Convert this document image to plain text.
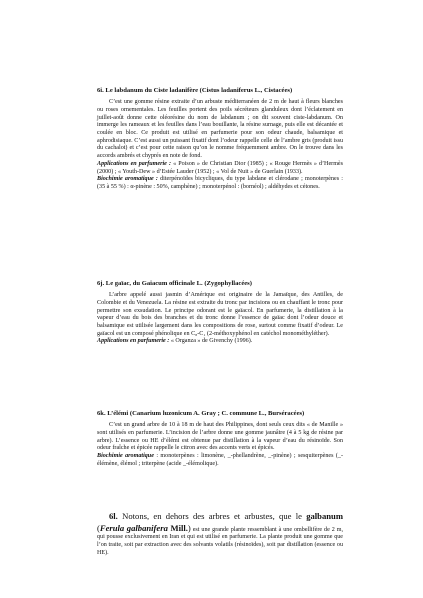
6i. Le labdanum du Ciste ladanifère (Cistus ladaniferus L., Cistacées)

C’est une gomme résine extraite d’un arbuste méditerranéen de 2 m de haut à fleurs blanches ou roses ornementales. Les feuilles portent des poils sécréteurs glanduleux dont l’éclatement en juillet-août donne cette oléorésine du nom de labdanum ; on dit souvent ciste-labdanum. On immerge les rameaux et les feuilles dans l’eau bouillante, la résine surnage, puis elle est décantée et coulée en bloc. Ce produit est utilisé en parfumerie pour son odeur chaude, balsamique et aphrodisiaque. C’est aussi un puissant fixatif dont l’odeur rappelle celle de l’ambre gris (produit issu du cachalot) et c’est pour cette raison qu’on le nomme fréquemment ambre. On le trouve dans les accords ambrés et chyprés en note de fond.

Applications en parfumerie : « Poison » de Christian Dior (1985) ; « Rouge Hermès » d’Hermès (2000) ; « Youth-Dew » d’Estée Lauder (1952) ; « Vol de Nuit » de Guerlain (1933).

Biochimie aromatique : diterpénoïdes bicycliques, du type labdane et clérodane ; monoterpènes : (35 à 55 %) : α-pinène : 50%, camphène) ; monoterpénol : (bornéol) ; aldéhydes et cétones.

6j. Le gaïac, du Gaiacum officinale L. (Zygophyllacées)

L’arbre appelé aussi jasmin d’Amérique est originaire de la Jamaïque, des Antilles, de Colombie et du Venezuela. La résine est extraite du tronc par incisions ou en chauffant le tronc pour permettre son exsudation. Le principe odorant est le gaïacol. En parfumerie, la distillation à la vapeur d’eau du bois des branches et du tronc donne l’essence de gaïac dont l’odeur douce et balsamique est utilisée largement dans les compositions de rose, surtout comme fixatif d’odeur. Le gaïacol est un composé phénolique en C₈-C₁ (2-méthoxyphénol en catéchol monométhyléther).

Applications en parfumerie : « Organza » de Givenchy (1996).

6k. L’élémi (Canarium luzonicum A. Gray ; C. commune L., Burséracées)

C’est un grand arbre de 10 à 18 m de haut des Philippines, dont seuls ceux dits « de Manille » sont utilisés en parfumerie. L’incision de l’arbre donne une gomme jaunâtre (4 à 5 kg de résine par arbre). L’essence ou HE d’élémi est obtenue par distillation à la vapeur d’eau du résinoïde. Son odeur fraîche et épicée rappelle le citron avec des accents verts et épicés.

Biochimie aromatique : monoterpènes : limonène, _-phellandrène, _-pinène) ; sesquiterpènes (_-élémène, élémol ; triterpène (acide _-élémolique).

6l. Notons, en dehors des arbres et arbustes, que le galbanum (Ferula galbanifera Mill.) est une grande plante ressemblant à une ombellifère de 2 m, qui pousse exclusivement en Iran et qui est utilisé en parfumerie. La plante produit une gomme que l’on traite, soit par extraction avec des solvants volatils (résinoïdes), soit par distillation (essence ou HE).
